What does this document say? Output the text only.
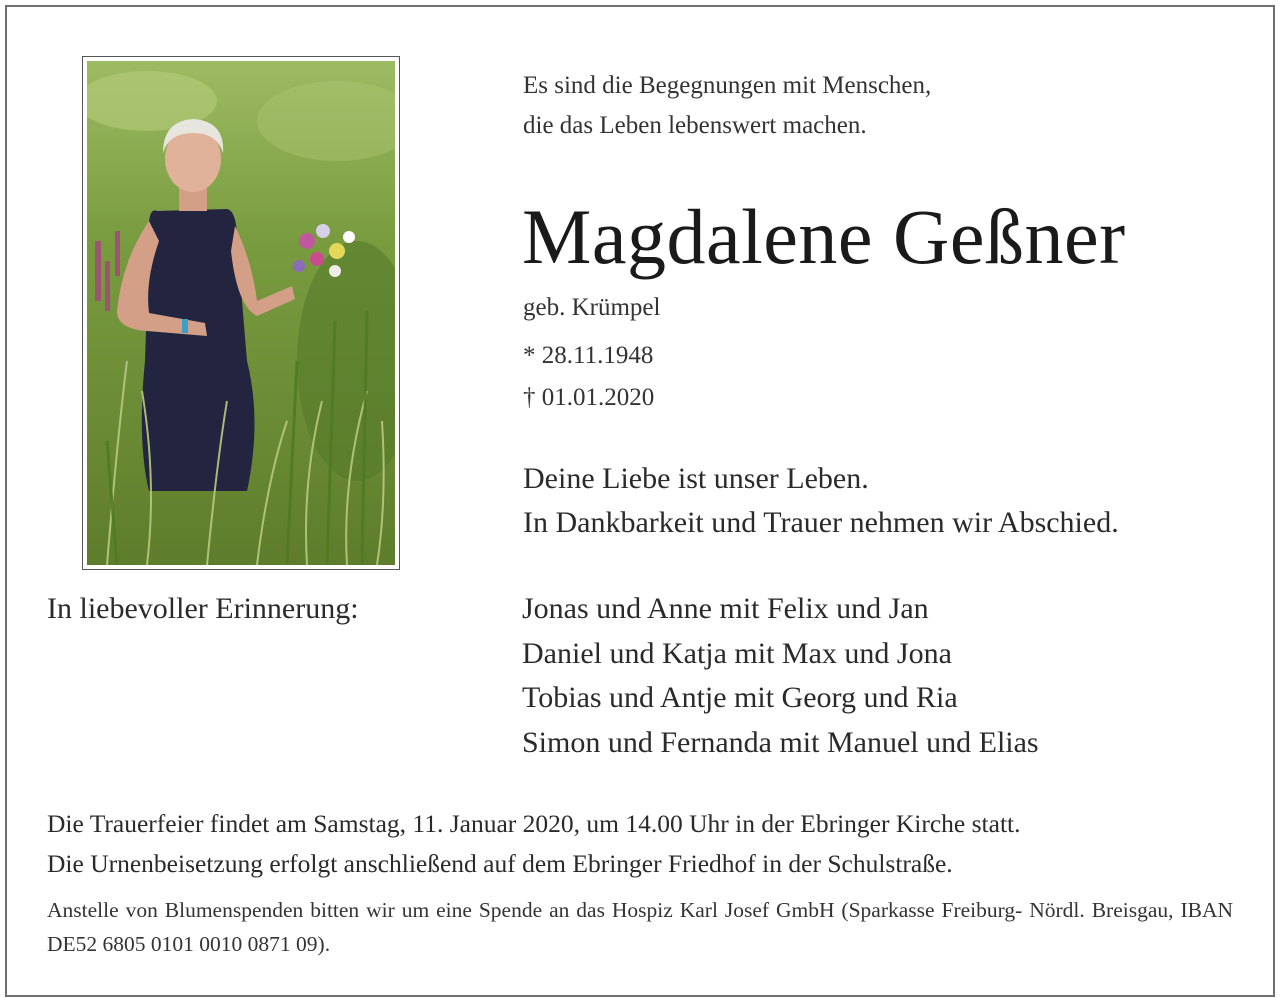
Es sind die Begegnungen mit Menschen,
die das Leben lebenswert machen.
Magdalene Geßner
geb. Krümpel
* 28.11.1948
† 01.01.2020
Deine Liebe ist unser Leben.
In Dankbarkeit und Trauer nehmen wir Abschied.
In liebevoller Erinnerung:	Jonas und Anne mit Felix und Jan
Daniel und Katja mit Max und Jona
Tobias und Antje mit Georg und Ria
Simon und Fernanda mit Manuel und Elias
Die Trauerfeier findet am Samstag, 11. Januar 2020, um 14.00 Uhr in der Ebringer Kirche statt.
Die Urnenbeisetzung erfolgt anschließend auf dem Ebringer Friedhof in der Schulstraße.
Anstelle von Blumenspenden bitten wir um eine Spende an das Hospiz Karl Josef GmbH (Sparkasse Freiburg- Nördl. Breisgau, IBAN DE52 6805 0101 0010 0871 09).
